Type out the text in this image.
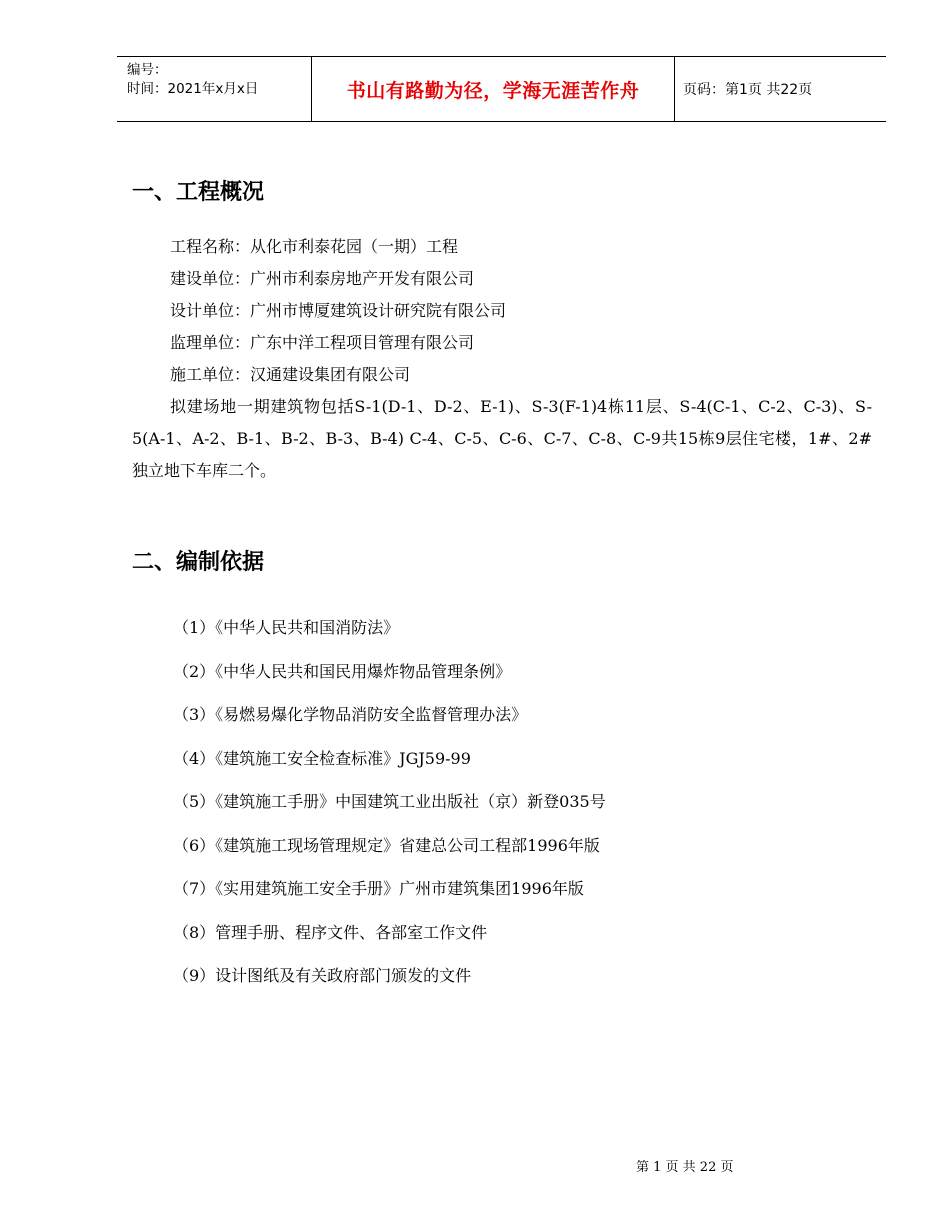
编号：
时间：2021年x月x日	书山有路勤为径，学海无涯苦作舟	页码：第1页 共22页
一、工程概况
工程名称：从化市利泰花园（一期）工程
建设单位：广州市利泰房地产开发有限公司
设计单位：广州市博厦建筑设计研究院有限公司
监理单位：广东中洋工程项目管理有限公司
施工单位：汉通建设集团有限公司
拟建场地一期建筑物包括S-1(D-1、D-2、E-1)、S-3(F-1)4栋11层、S-4(C-1、C-2、C-3)、S-5(A-1、A-2、B-1、B-2、B-3、B-4) C-4、C-5、C-6、C-7、C-8、C-9共15栋9层住宅楼，1#、2#独立地下车库二个。
二、编制依据
（1）《中华人民共和国消防法》
（2）《中华人民共和国民用爆炸物品管理条例》
（3）《易燃易爆化学物品消防安全监督管理办法》
（4）《建筑施工安全检查标准》JGJ59-99
（5）《建筑施工手册》中国建筑工业出版社（京）新登035号
（6）《建筑施工现场管理规定》省建总公司工程部1996年版
（7）《实用建筑施工安全手册》广州市建筑集团1996年版
（8）管理手册、程序文件、各部室工作文件
（9）设计图纸及有关政府部门颁发的文件
第 1 页 共 22 页
